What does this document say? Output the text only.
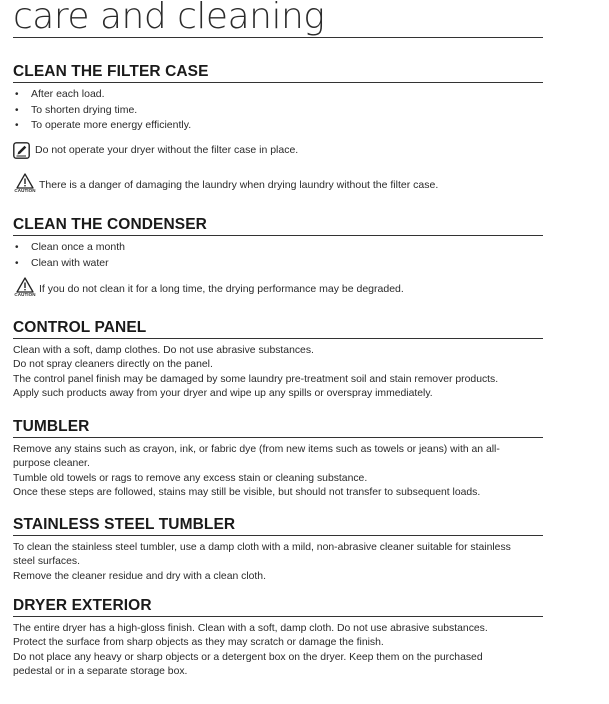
care and cleaning
CLEAN THE FILTER CASE
• After each load.
• To shorten drying time.
• To operate more energy efficiently.
Do not operate your dryer without the filter case in place.
CAUTION There is a danger of damaging the laundry when drying laundry without the filter case.
CLEAN THE CONDENSER
• Clean once a month
• Clean with water
CAUTION If you do not clean it for a long time, the drying performance may be degraded.
CONTROL PANEL

Clean with a soft, damp clothes. Do not use abrasive substances.

Do not spray cleaners directly on the panel.

The control panel finish may be damaged by some laundry pre-treatment soil and stain remover products.

Apply such products away from your dryer and wipe up any spills or overspray immediately.

TUMBLER

Remove any stains such as crayon, ink, or fabric dye (from new items such as towels or jeans) with an all-

purpose cleaner.

Tumble old towels or rags to remove any excess stain or cleaning substance.

Once these steps are followed, stains may still be visible, but should not transfer to subsequent loads.

STAINLESS STEEL TUMBLER

To clean the stainless steel tumbler, use a damp cloth with a mild, non-abrasive cleaner suitable for stainless

steel surfaces.

Remove the cleaner residue and dry with a clean cloth.

DRYER EXTERIOR

The entire dryer has a high-gloss finish. Clean with a soft, damp cloth. Do not use abrasive substances.

Protect the surface from sharp objects as they may scratch or damage the finish.

Do not place any heavy or sharp objects or a detergent box on the dryer. Keep them on the purchased

pedestal or in a separate storage box.
